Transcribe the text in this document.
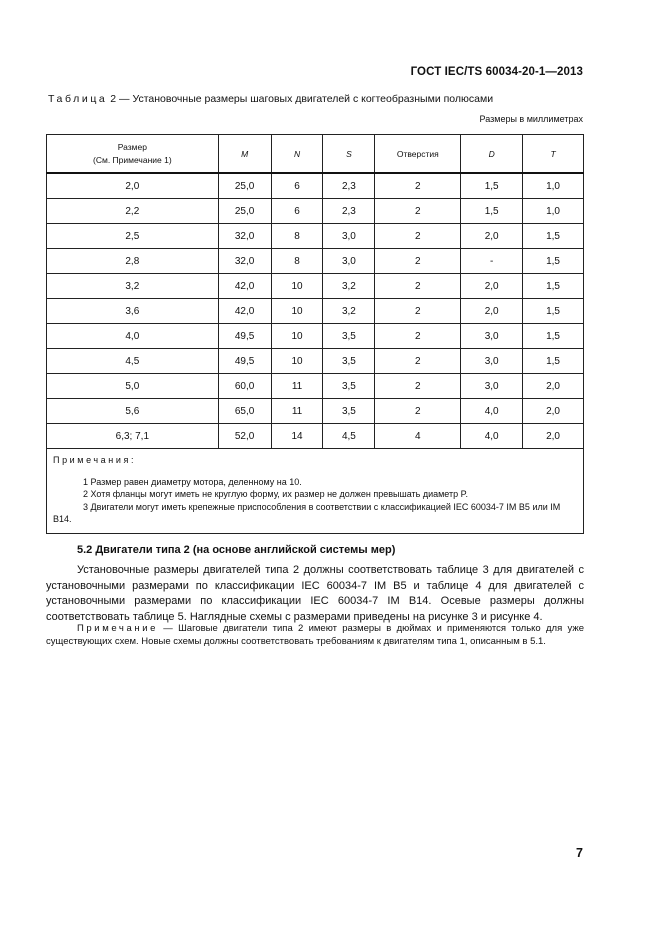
ГОСТ IEC/TS 60034-20-1—2013
Таблица 2 — Установочные размеры шаговых двигателей с когтеобразными полюсами
Размеры в миллиметрах
Размер
(См. Примечание 1)	M	N	S	Отверстия	D	T
2,0	25,0	6	2,3	2	1,5	1,0
2,2	25,0	6	2,3	2	1,5	1,0
2,5	32,0	8	3,0	2	2,0	1,5
2,8	32,0	8	3,0	2	-	1,5
3,2	42,0	10	3,2	2	2,0	1,5
3,6	42,0	10	3,2	2	2,0	1,5
4,0	49,5	10	3,5	2	3,0	1,5
4,5	49,5	10	3,5	2	3,0	1,5
5,0	60,0	11	3,5	2	3,0	2,0
5,6	65,0	11	3,5	2	4,0	2,0
6,3; 7,1	52,0	14	4,5	4	4,0	2,0

Примечания:
1 Размер равен диаметру мотора, деленному на 10.
2 Хотя фланцы могут иметь не круглую форму, их размер не должен превышать диаметр P.
3 Двигатели могут иметь крепежные приспособления в соответствии с классификацией IEC 60034-7 IM B5 или IM B14.						
5.2 Двигатели типа 2 (на основе английской системы мер)
Установочные размеры двигателей типа 2 должны соответствовать таблице 3 для двигателей с установочными размерами по классификации IEC 60034-7 IM B5 и таблице 4 для двигателей с установочными размерами по классификации IEC 60034-7 IM B14. Осевые размеры должны соответствовать таблице 5. Наглядные схемы с размерами приведены на рисунке 3 и рисунке 4.
Примечание — Шаговые двигатели типа 2 имеют размеры в дюймах и применяются только для уже существующих схем. Новые схемы должны соответствовать требованиям к двигателям типа 1, описанным в 5.1.
7
